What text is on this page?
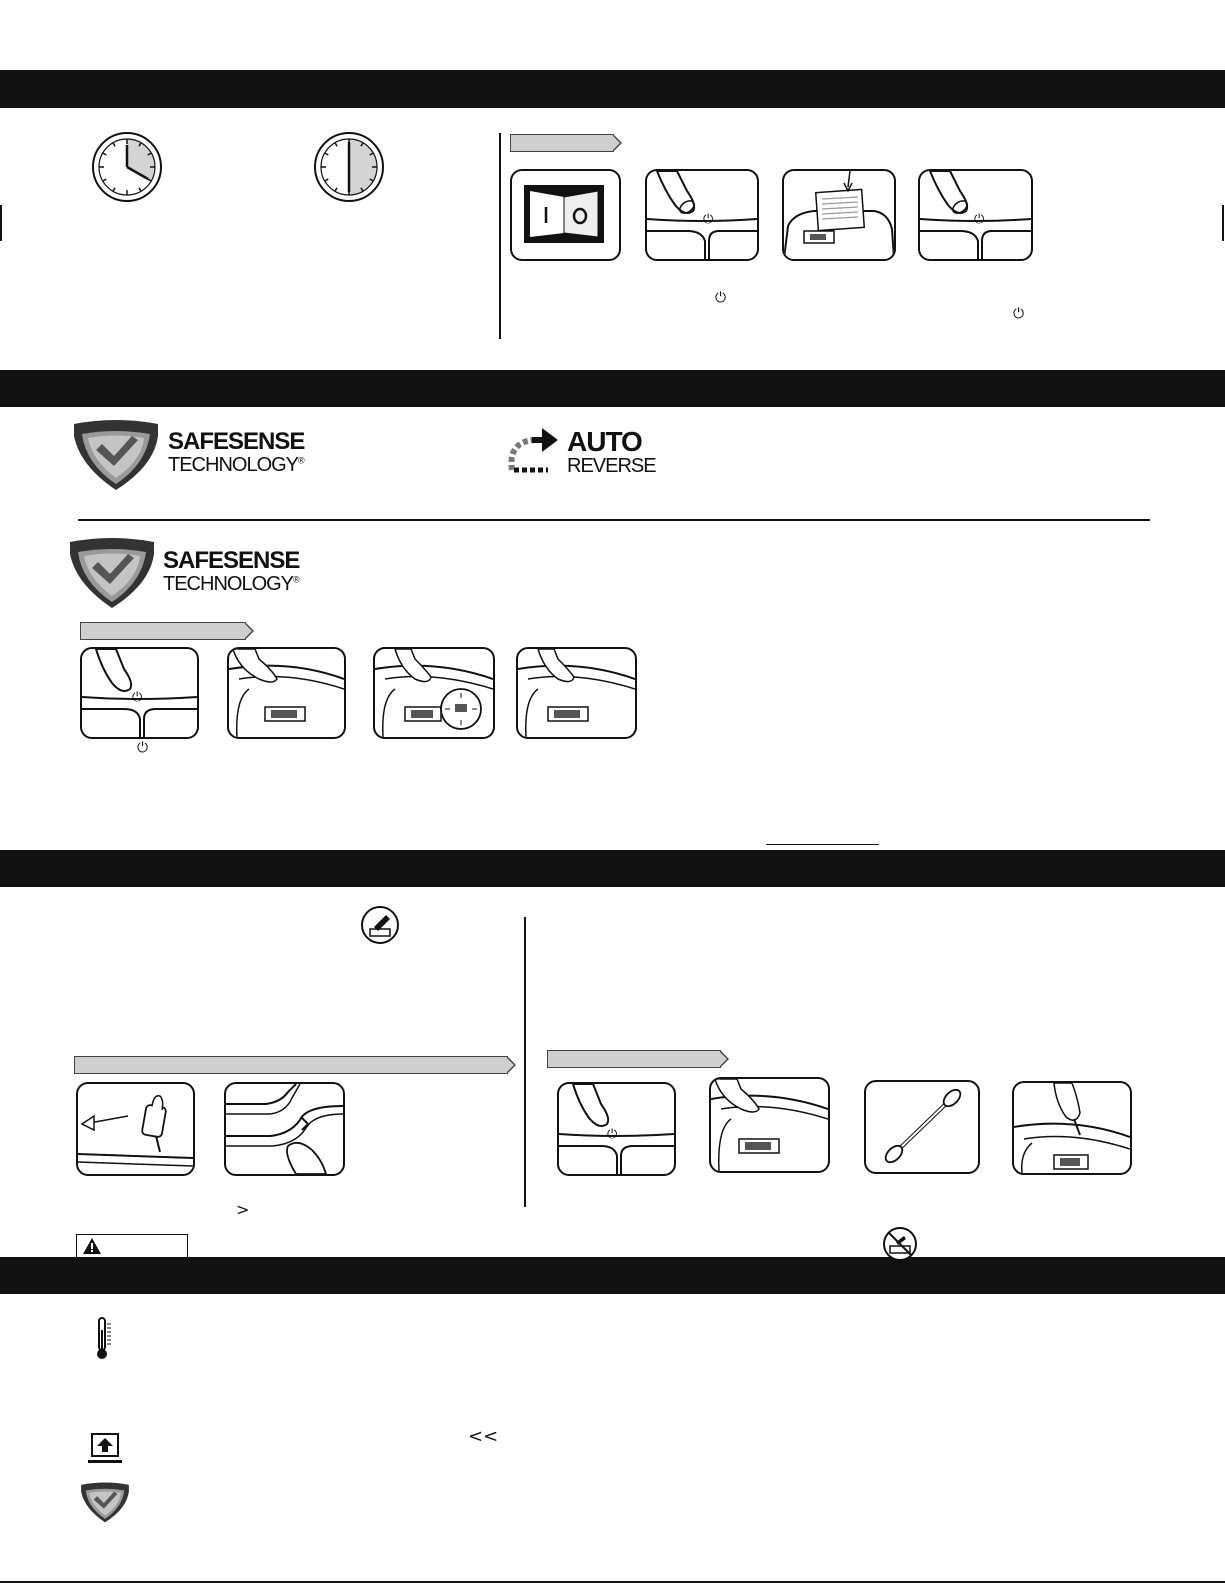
⏻	⏻
⏻
⏻
SAFESENSE
TECHNOLOGY®
AUTO
REVERSE
SAFESENSE
TECHNOLOGY®
⏻
⏻
>
⏻
<<
